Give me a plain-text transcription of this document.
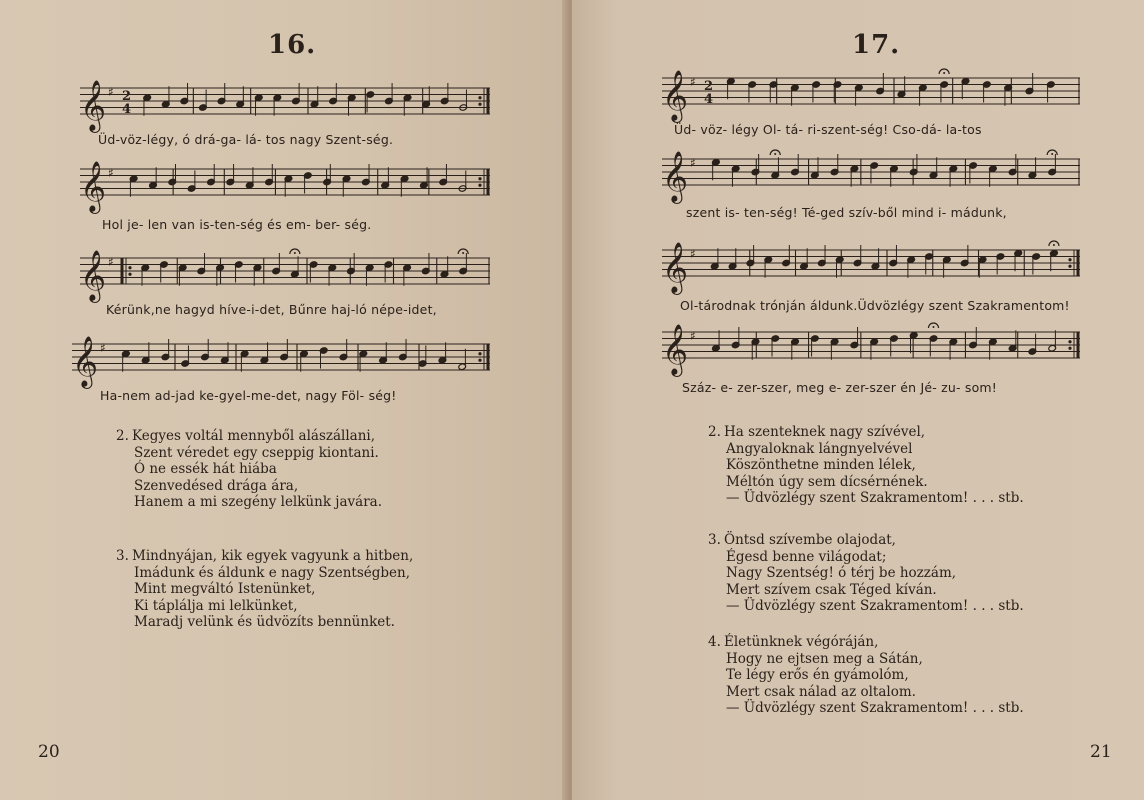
16.
𝄞 ♯ 2
4
Üd-vöz-légy, ó drá-ga- lá- tos nagy Szent-ség.
𝄞 ♯
Hol je- len van is-ten-ség és em- ber- ség.
𝄞 ♯
Kérünk,ne hagyd híve-i-det, Bűnre haj-ló népe-idet,
𝄞 ♯
Ha-nem ad-jad ke-gyel-me-det, nagy Föl- ség!
2. Kegyes voltál mennyből alászállani,
Szent véredet egy cseppig kiontani.
Ó ne essék hát hiába
Szenvedésed drága ára,
Hanem a mi szegény lelkünk javára.
3. Mindnyájan, kik egyek vagyunk a hitben,
Imádunk és áldunk e nagy Szentségben,
Mint megváltó Istenünket,
Ki táplálja mi lelkünket,
Maradj velünk és üdvözíts bennünket.
20
17.
𝄞 ♯ 2
4
Üd- vöz- légy Ol- tá- ri-szent-ség! Cso-dá- la-tos
𝄞 ♯
szent is- ten-ség! Té-ged szív-ből mind i- mádunk,
𝄞 ♯
Ol-tárodnak trónján áldunk.Üdvözlégy szent Szakramentom!
𝄞 ♯
Száz- e- zer-szer, meg e- zer-szer én Jé- zu- som!
2. Ha szenteknek nagy szívével,
Angyaloknak lángnyelvével
Köszönthetne minden lélek,
Méltón úgy sem dícsérnének.
— Üdvözlégy szent Szakramentom! . . . stb.
3. Öntsd szívembe olajodat,
Égesd benne világodat;
Nagy Szentség! ó térj be hozzám,
Mert szívem csak Téged kíván.
— Üdvözlégy szent Szakramentom! . . . stb.
4. Életünknek végóráján,
Hogy ne ejtsen meg a Sátán,
Te légy erős én gyámolóm,
Mert csak nálad az oltalom.
— Üdvözlégy szent Szakramentom! . . . stb.
21
